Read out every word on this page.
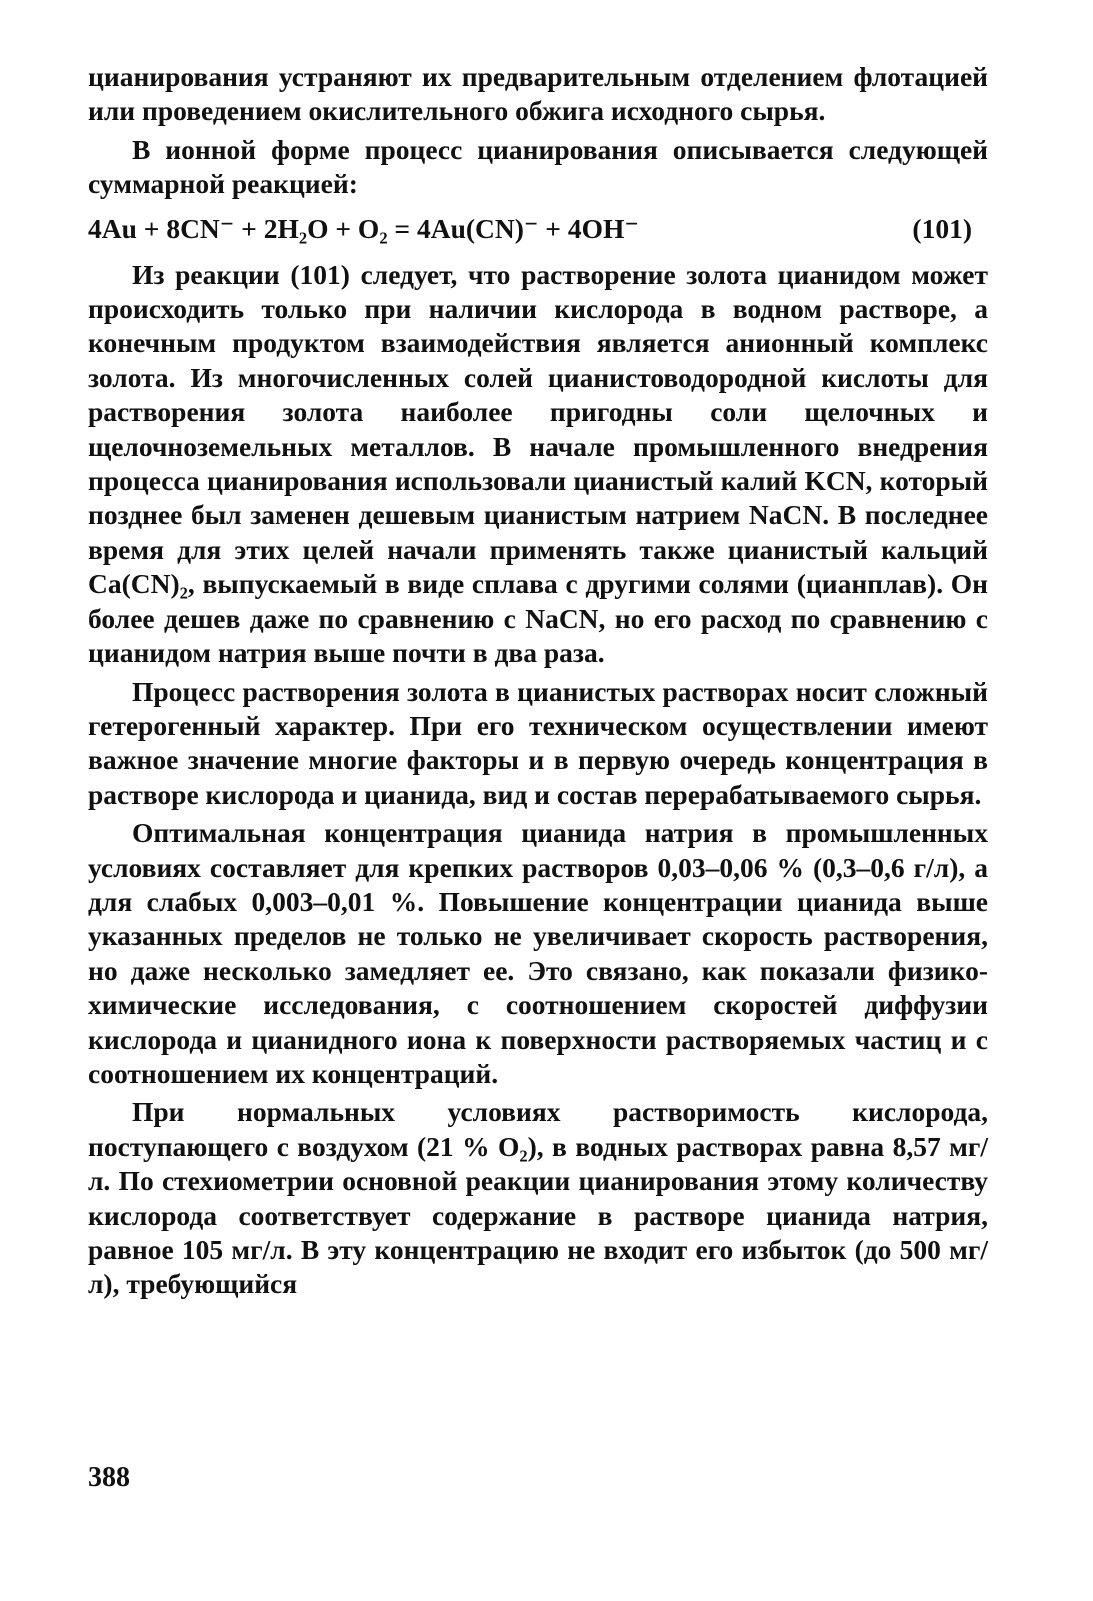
цианирования устраняют их предварительным отделением флотацией или проведением окислительного обжига исходного сырья.

В ионной форме процесс цианирования описывается следующей суммарной реакцией:

4Au + 8CN⁻ + 2H₂O + O₂ = 4Au(CN)⁻ + 4OH⁻	(101)

Из реакции (101) следует, что растворение золота цианидом может происходить только при наличии кислорода в водном растворе, а конечным продуктом взаимодействия является анионный комплекс золота. Из многочисленных солей цианистоводородной кислоты для растворения золота наиболее пригодны соли щелочных и щелочноземельных металлов. В начале промышленного внедрения процесса цианирования использовали цианистый калий KCN, который позднее был заменен дешевым цианистым натрием NaCN. В последнее время для этих целей начали применять также цианистый кальций Ca(CN)₂, выпускаемый в виде сплава с другими солями (цианплав). Он более дешев даже по сравнению с NaCN, но его расход по сравнению с цианидом натрия выше почти в два раза.

Процесс растворения золота в цианистых растворах носит сложный гетерогенный характер. При его техническом осуществлении имеют важное значение многие факторы и в первую очередь концентрация в растворе кислорода и цианида, вид и состав перерабатываемого сырья.

Оптимальная концентрация цианида натрия в промышленных условиях составляет для крепких растворов 0,03–0,06 % (0,3–0,6 г/л), а для слабых 0,003–0,01 %. Повышение концентрации цианида выше указанных пределов не только не увеличивает скорость растворения, но даже несколько замедляет ее. Это связано, как показали физико-химические исследования, с соотношением скоростей диффузии кислорода и цианидного иона к поверхности растворяемых частиц и с соотношением их концентраций.

При нормальных условиях растворимость кислорода, поступающего с воздухом (21 % O₂), в водных растворах равна 8,57 мг/л. По стехиометрии основной реакции цианирования этому количеству кислорода соответствует содержание в растворе цианида натрия, равное 105 мг/л. В эту концентрацию не входит его избыток (до 500 мг/л), требующийся

388
